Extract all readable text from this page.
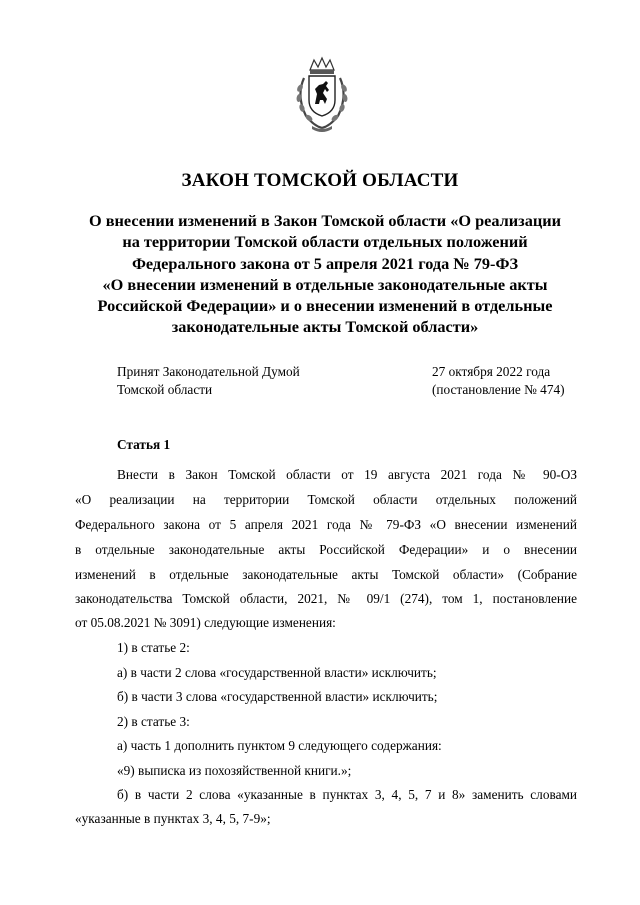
ЗАКОН ТОМСКОЙ ОБЛАСТИ
О внесении изменений в Закон Томской области «О реализации
на территории Томской области отдельных положений
Федерального закона от 5 апреля 2021 года № 79-ФЗ
«О внесении изменений в отдельные законодательные акты
Российской Федерации» и о внесении изменений в отдельные
законодательные акты Томской области»
Принят Законодательной Думой
Томской области
27 октября 2022 года
(постановление № 474)
Статья 1
Внести в Закон Томской области от 19 августа 2021 года № 90-ОЗ
«О реализации на территории Томской области отдельных положений
Федерального закона от 5 апреля 2021 года № 79-ФЗ «О внесении изменений
в отдельные законодательные акты Российской Федерации» и о внесении
изменений в отдельные законодательные акты Томской области» (Собрание
законодательства Томской области, 2021, № 09/1 (274), том 1, постановление
от 05.08.2021 № 3091) следующие изменения:
1) в статье 2:
а) в части 2 слова «государственной власти» исключить;
б) в части 3 слова «государственной власти» исключить;
2) в статье 3:
а) часть 1 дополнить пунктом 9 следующего содержания:
«9) выписка из похозяйственной книги.»;
б) в части 2 слова «указанные в пунктах 3, 4, 5, 7 и 8» заменить словами
«указанные в пунктах 3, 4, 5, 7-9»;
